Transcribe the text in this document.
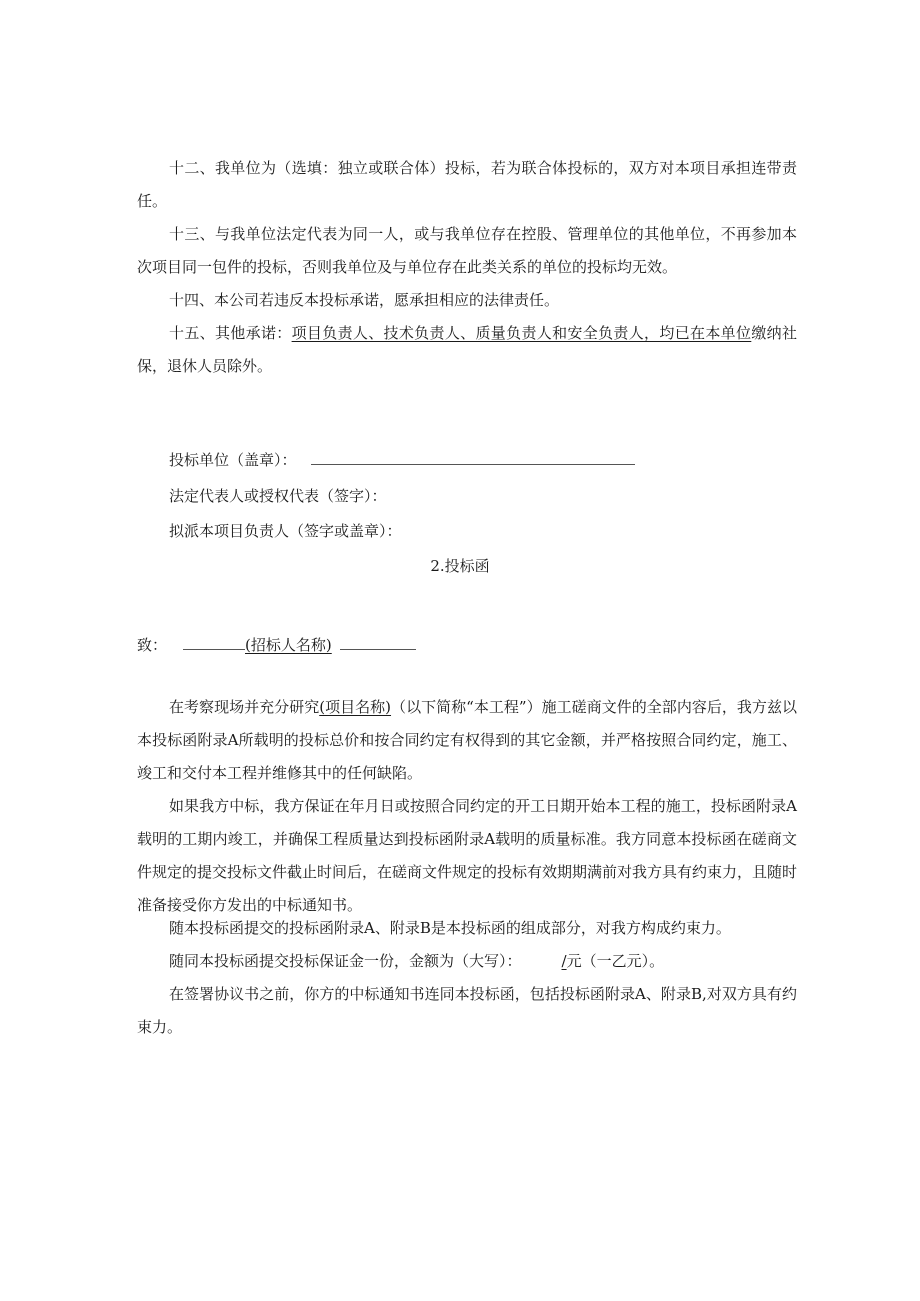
十二、我单位为（选填：独立或联合体）投标，若为联合体投标的，双方对本项目承担连带责任。

十三、与我单位法定代表为同一人，或与我单位存在控股、管理单位的其他单位，不再参加本次项目同一包件的投标，否则我单位及与单位存在此类关系的单位的投标均无效。

十四、本公司若违反本投标承诺，愿承担相应的法律责任。

十五、其他承诺：项目负责人、技术负责人、质量负责人和安全负责人，均已在本单位缴纳社保，退休人员除外。

投标单位（盖章）：

法定代表人或授权代表（签字）：

拟派本项目负责人（签字或盖章）：

2.投标函

致：	(招标人名称)

在考察现场并充分研究(项目名称)（以下简称“本工程”）施工磋商文件的全部内容后，我方兹以本投标函附录A所载明的投标总价和按合同约定有权得到的其它金额，并严格按照合同约定，施工、竣工和交付本工程并维修其中的任何缺陷。

如果我方中标，我方保证在年月日或按照合同约定的开工日期开始本工程的施工，投标函附录A载明的工期内竣工，并确保工程质量达到投标函附录A载明的质量标准。我方同意本投标函在磋商文件规定的提交投标文件截止时间后，在磋商文件规定的投标有效期期满前对我方具有约束力，且随时准备接受你方发出的中标通知书。

随本投标函提交的投标函附录A、附录B是本投标函的组成部分，对我方构成约束力。

随同本投标函提交投标保证金一份，金额为（大写）：	/元（一乙元）。

在签署协议书之前，你方的中标通知书连同本投标函，包括投标函附录A、附录B,对双方具有约束力。
